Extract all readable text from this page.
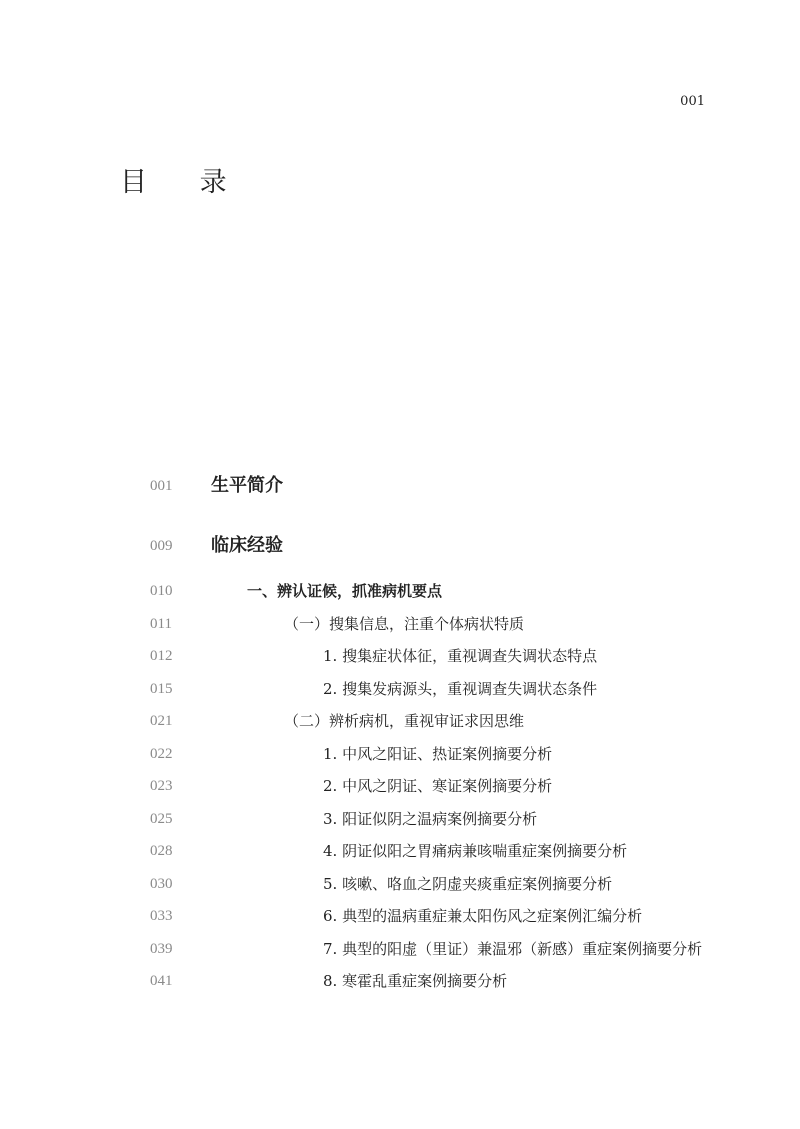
001
目 录
001 生平简介
009 临床经验
010	一、辨认证候，抓准病机要点
011	（一）搜集信息，注重个体病状特质
012	1. 搜集症状体征，重视调查失调状态特点
015	2. 搜集发病源头，重视调查失调状态条件
021	（二）辨析病机，重视审证求因思维
022	1. 中风之阳证、热证案例摘要分析
023	2. 中风之阴证、寒证案例摘要分析
025	3. 阳证似阴之温病案例摘要分析
028	4. 阴证似阳之胃痛病兼咳喘重症案例摘要分析
030	5. 咳嗽、咯血之阴虚夹痰重症案例摘要分析
033	6. 典型的温病重症兼太阳伤风之症案例汇编分析
039	7. 典型的阳虚（里证）兼温邪（新感）重症案例摘要分析
041	8. 寒霍乱重症案例摘要分析
